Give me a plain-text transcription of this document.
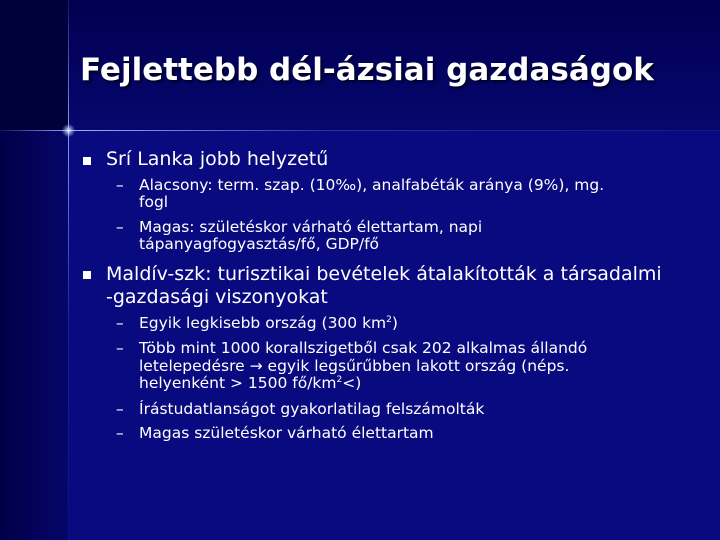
Fejlettebb dél-ázsiai gazdaságok
Srí Lanka jobb helyzetű
– Alacsony: term. szap. (10‰), analfabéták aránya (9%), mg.
fogl
– Magas: születéskor várható élettartam, napi
tápanyagfogyasztás/fő, GDP/fő
Maldív-szk: turisztikai bevételek átalakították a társadalmi
-gazdasági viszonyokat
– Egyik legkisebb ország (300 $km^2$)
– Több mint 1000 korallszigetből csak 202 alkalmas állandó
letelepedésre → egyik legsűrűbben lakott ország (néps.
helyenként > 1500 $fő/km^2<$)
– Írástudatlanságot gyakorlatilag felszámolták
– Magas születéskor várható élettartam
